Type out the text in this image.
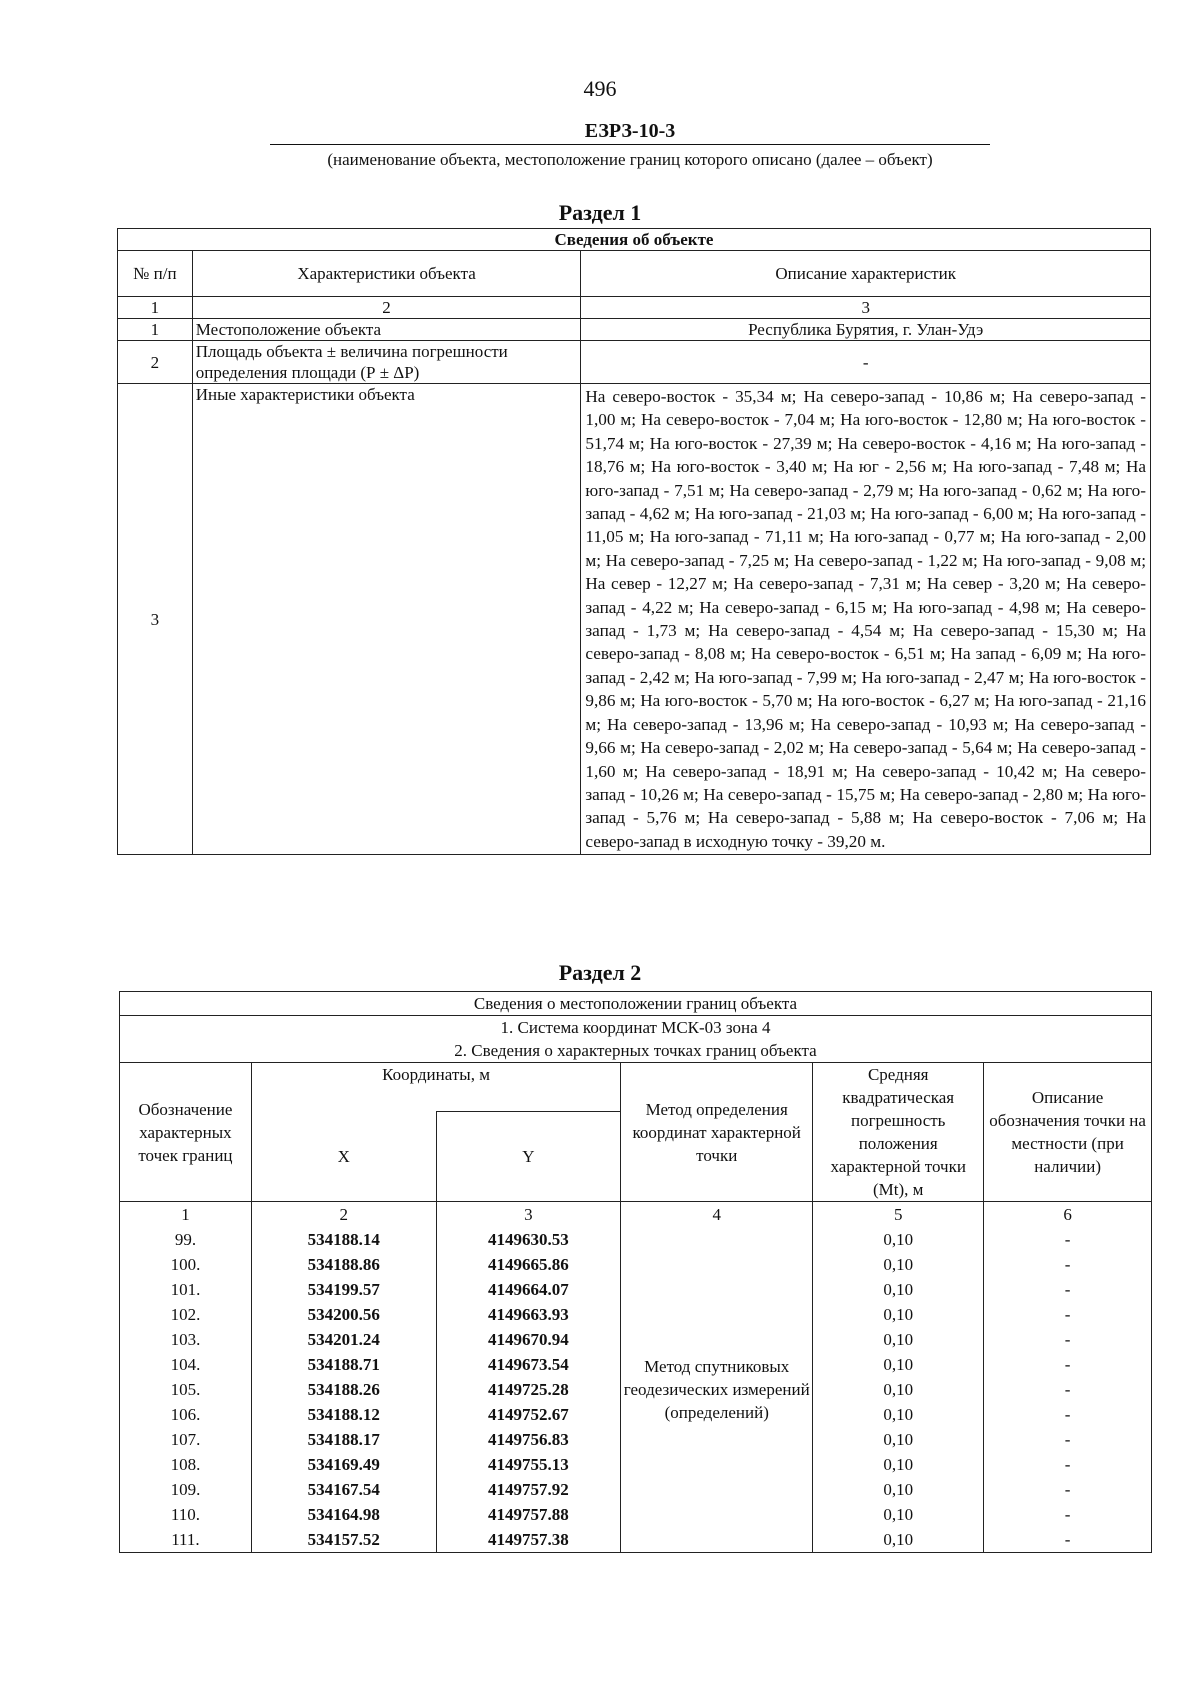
496
ЕЗРЗ-10-3
(наименование объекта, местоположение границ которого описано (далее – объект)
Раздел 1
Сведения об объекте		
№ п/п	Характеристики объекта	Описание характеристик
1	2	3
1	Местоположение объекта	Республика Бурятия, г. Улан-Удэ
2	Площадь объекта ± величина погрешности определения площади (Р ± ΔР)	-
3	Иные характеристики объекта	На северо-восток - 35,34 м; На северо-запад - 10,86 м; На северо-запад - 1,00 м; На северо-восток - 7,04 м; На юго-восток - 12,80 м; На юго-восток - 51,74 м; На юго-восток - 27,39 м; На северо-восток - 4,16 м; На юго-запад - 18,76 м; На юго-восток - 3,40 м; На юг - 2,56 м; На юго-запад - 7,48 м; На юго-запад - 7,51 м; На северо-запад - 2,79 м; На юго-запад - 0,62 м; На юго-запад - 4,62 м; На юго-запад - 21,03 м; На юго-запад - 6,00 м; На юго-запад - 11,05 м; На юго-запад - 71,11 м; На юго-запад - 0,77 м; На юго-запад - 2,00 м; На северо-запад - 7,25 м; На северо-запад - 1,22 м; На юго-запад - 9,08 м; На север - 12,27 м; На северо-запад - 7,31 м; На север - 3,20 м; На северо-запад - 4,22 м; На северо-запад - 6,15 м; На юго-запад - 4,98 м; На северо-запад - 1,73 м; На северо-запад - 4,54 м; На северо-запад - 15,30 м; На северо-запад - 8,08 м; На северо-восток - 6,51 м; На запад - 6,09 м; На юго-запад - 2,42 м; На юго-запад - 7,99 м; На юго-запад - 2,47 м; На юго-восток - 9,86 м; На юго-восток - 5,70 м; На юго-восток - 6,27 м; На юго-запад - 21,16 м; На северо-запад - 13,96 м; На северо-запад - 10,93 м; На северо-запад - 9,66 м; На северо-запад - 2,02 м; На северо-запад - 5,64 м; На северо-запад - 1,60 м; На северо-запад - 18,91 м; На северо-запад - 10,42 м; На северо-запад - 10,26 м; На северо-запад - 15,75 м; На северо-запад - 2,80 м; На юго-запад - 5,76 м; На северо-запад - 5,88 м; На северо-восток - 7,06 м; На северо-запад в исходную точку - 39,20 м.
Раздел 2
Сведения о местоположении границ объекта					
1. Система координат МСК-03 зона 4					
2. Сведения о характерных точках границ объекта					
Обозначение характерных точек границ	Координаты, м		Метод определения координат характерной точки	Средняя квадратическая погрешность положения характерной точки (Mt), м	Описание обозначения точки на местности (при наличии)
	X	Y			
1	2	3	4	5	6
99.	534188.14	4149630.53	Метод спутниковых геодезических измерений (определений)	0,10	-
100.	534188.86	4149665.86		0,10	-
101.	534199.57	4149664.07		0,10	-
102.	534200.56	4149663.93		0,10	-
103.	534201.24	4149670.94		0,10	-
104.	534188.71	4149673.54		0,10	-
105.	534188.26	4149725.28		0,10	-
106.	534188.12	4149752.67		0,10	-
107.	534188.17	4149756.83		0,10	-
108.	534169.49	4149755.13		0,10	-
109.	534167.54	4149757.92		0,10	-
110.	534164.98	4149757.88		0,10	-
111.	534157.52	4149757.38		0,10	-
